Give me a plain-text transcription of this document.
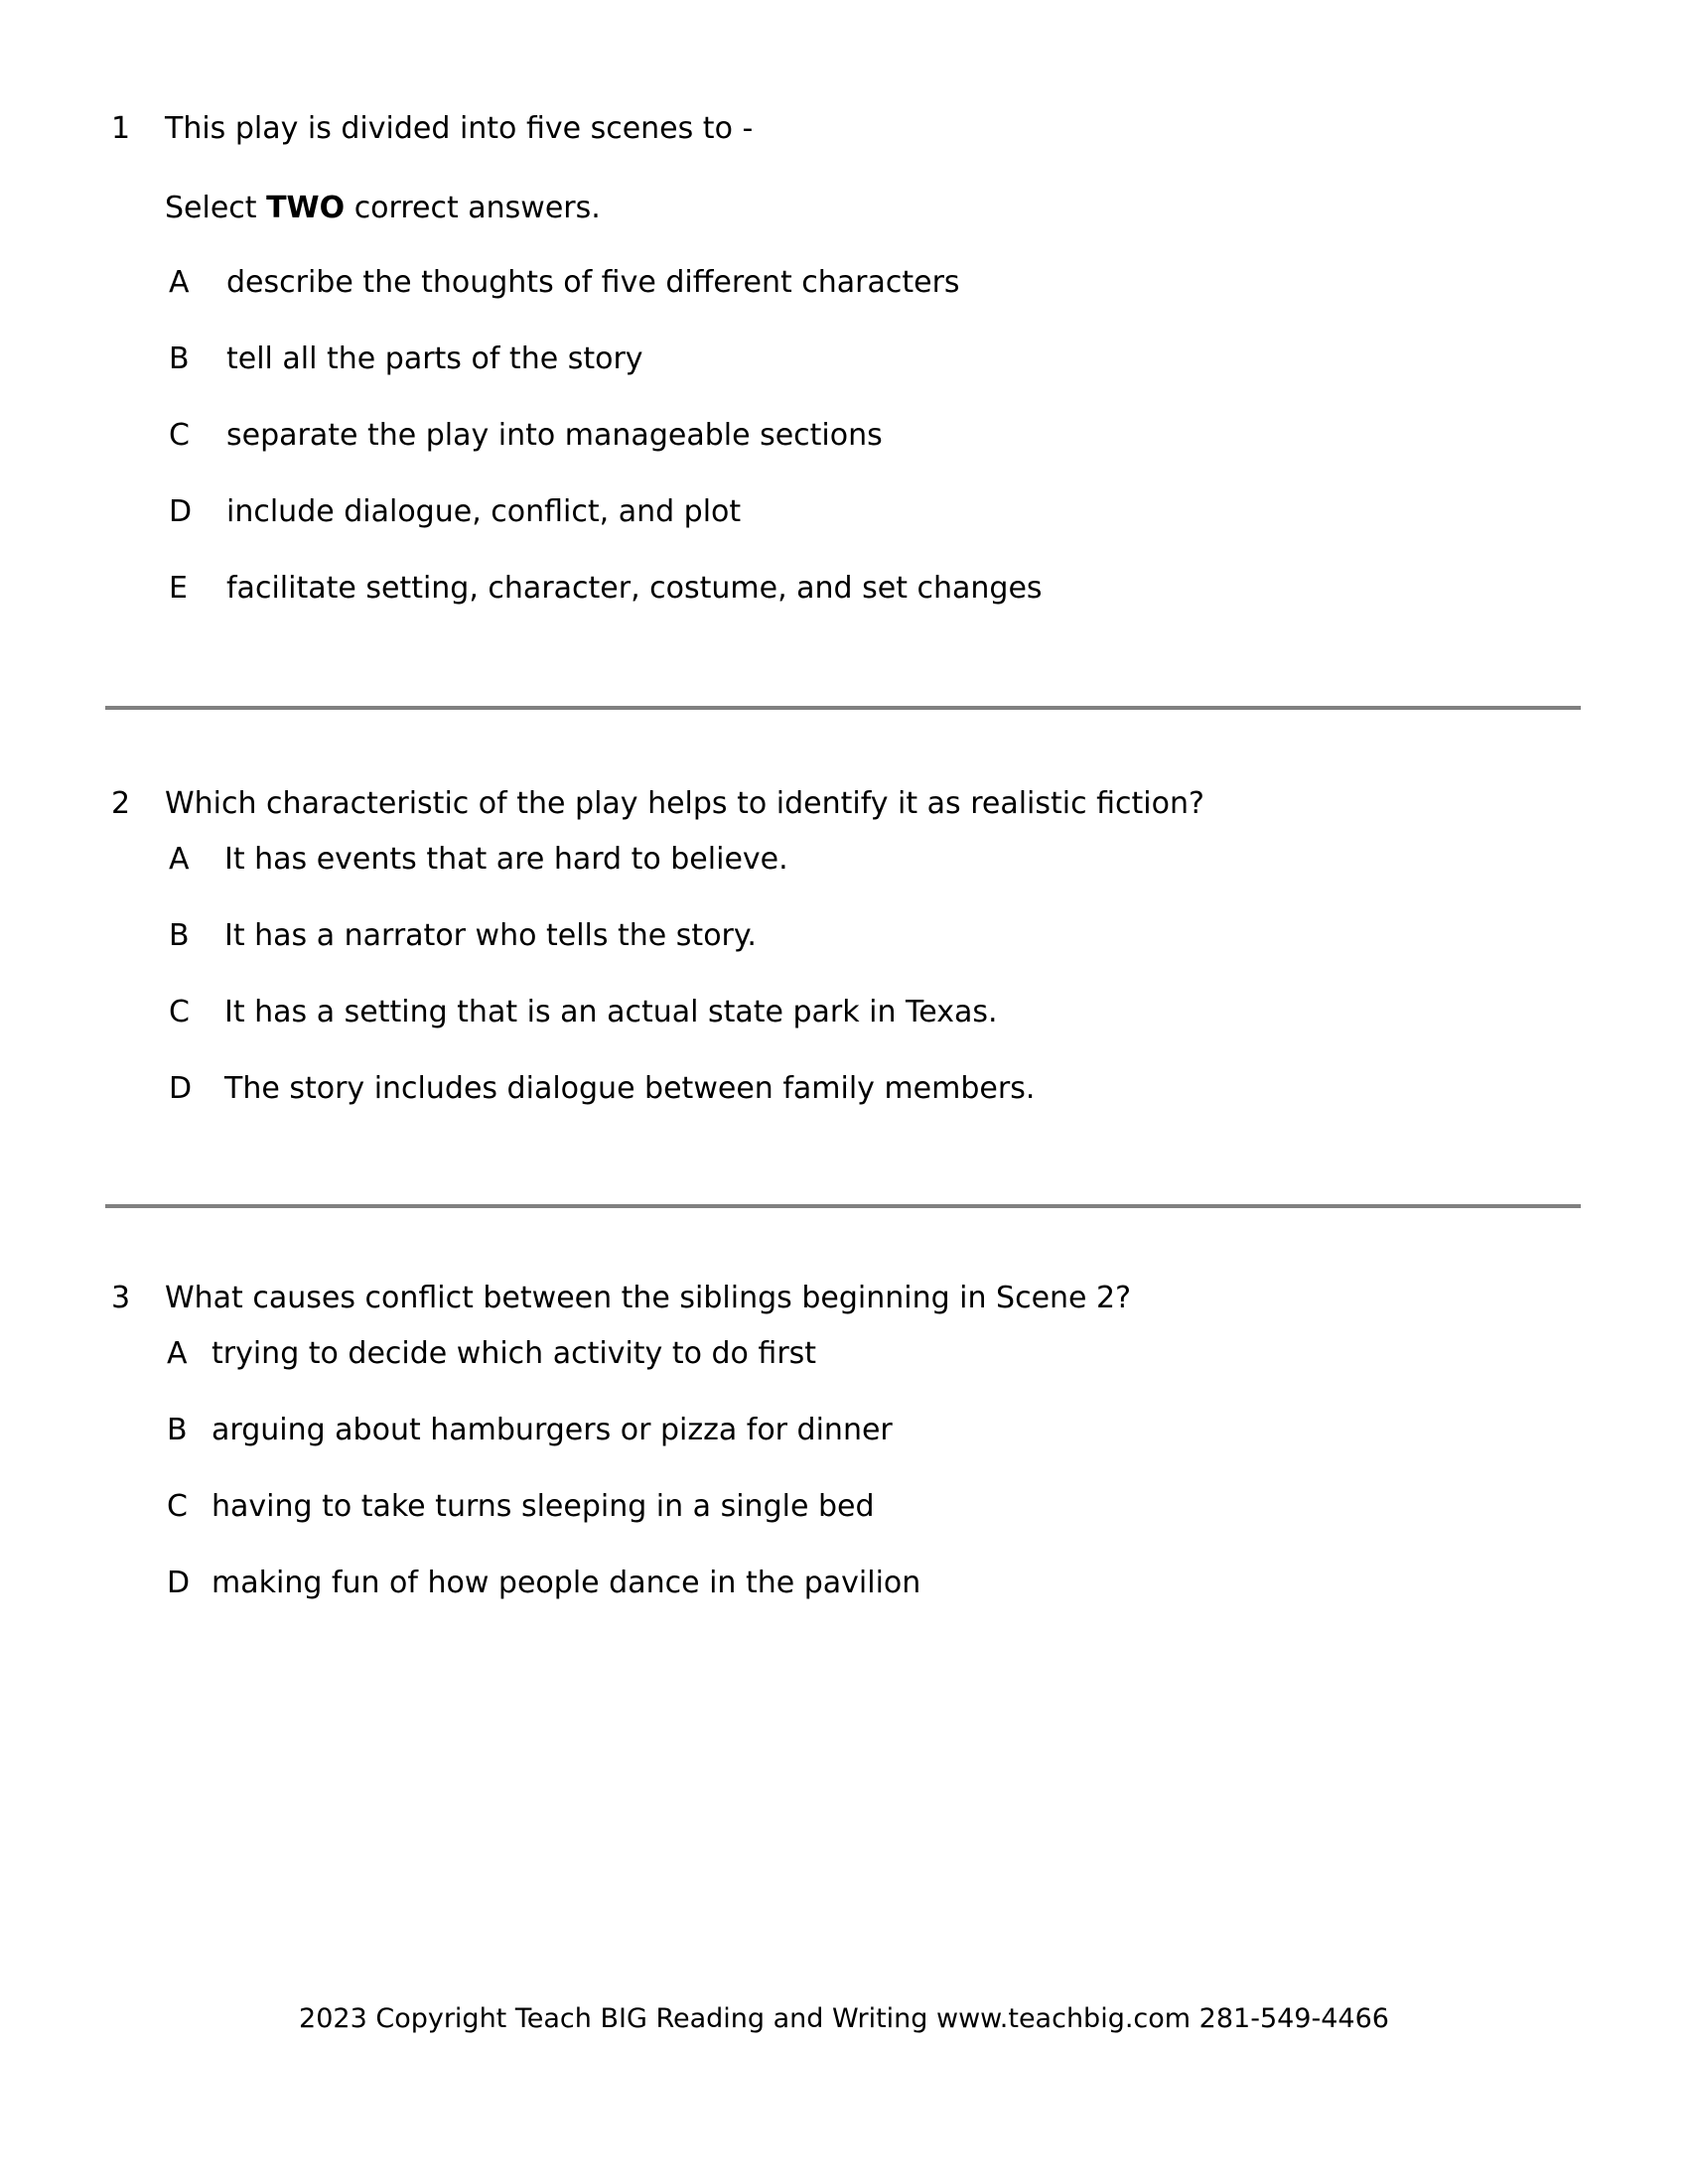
1 This play is divided into five scenes to -
Select TWO correct answers.
A describe the thoughts of five different characters
B tell all the parts of the story
C separate the play into manageable sections
D include dialogue, conflict, and plot
E facilitate setting, character, costume, and set changes
2 Which characteristic of the play helps to identify it as realistic fiction?
A It has events that are hard to believe.
B It has a narrator who tells the story.
C It has a setting that is an actual state park in Texas.
D The story includes dialogue between family members.
3 What causes conflict between the siblings beginning in Scene 2?
A trying to decide which activity to do first
B arguing about hamburgers or pizza for dinner
C having to take turns sleeping in a single bed
D making fun of how people dance in the pavilion
2023 Copyright Teach BIG Reading and Writing www.teachbig.com 281-549-4466
